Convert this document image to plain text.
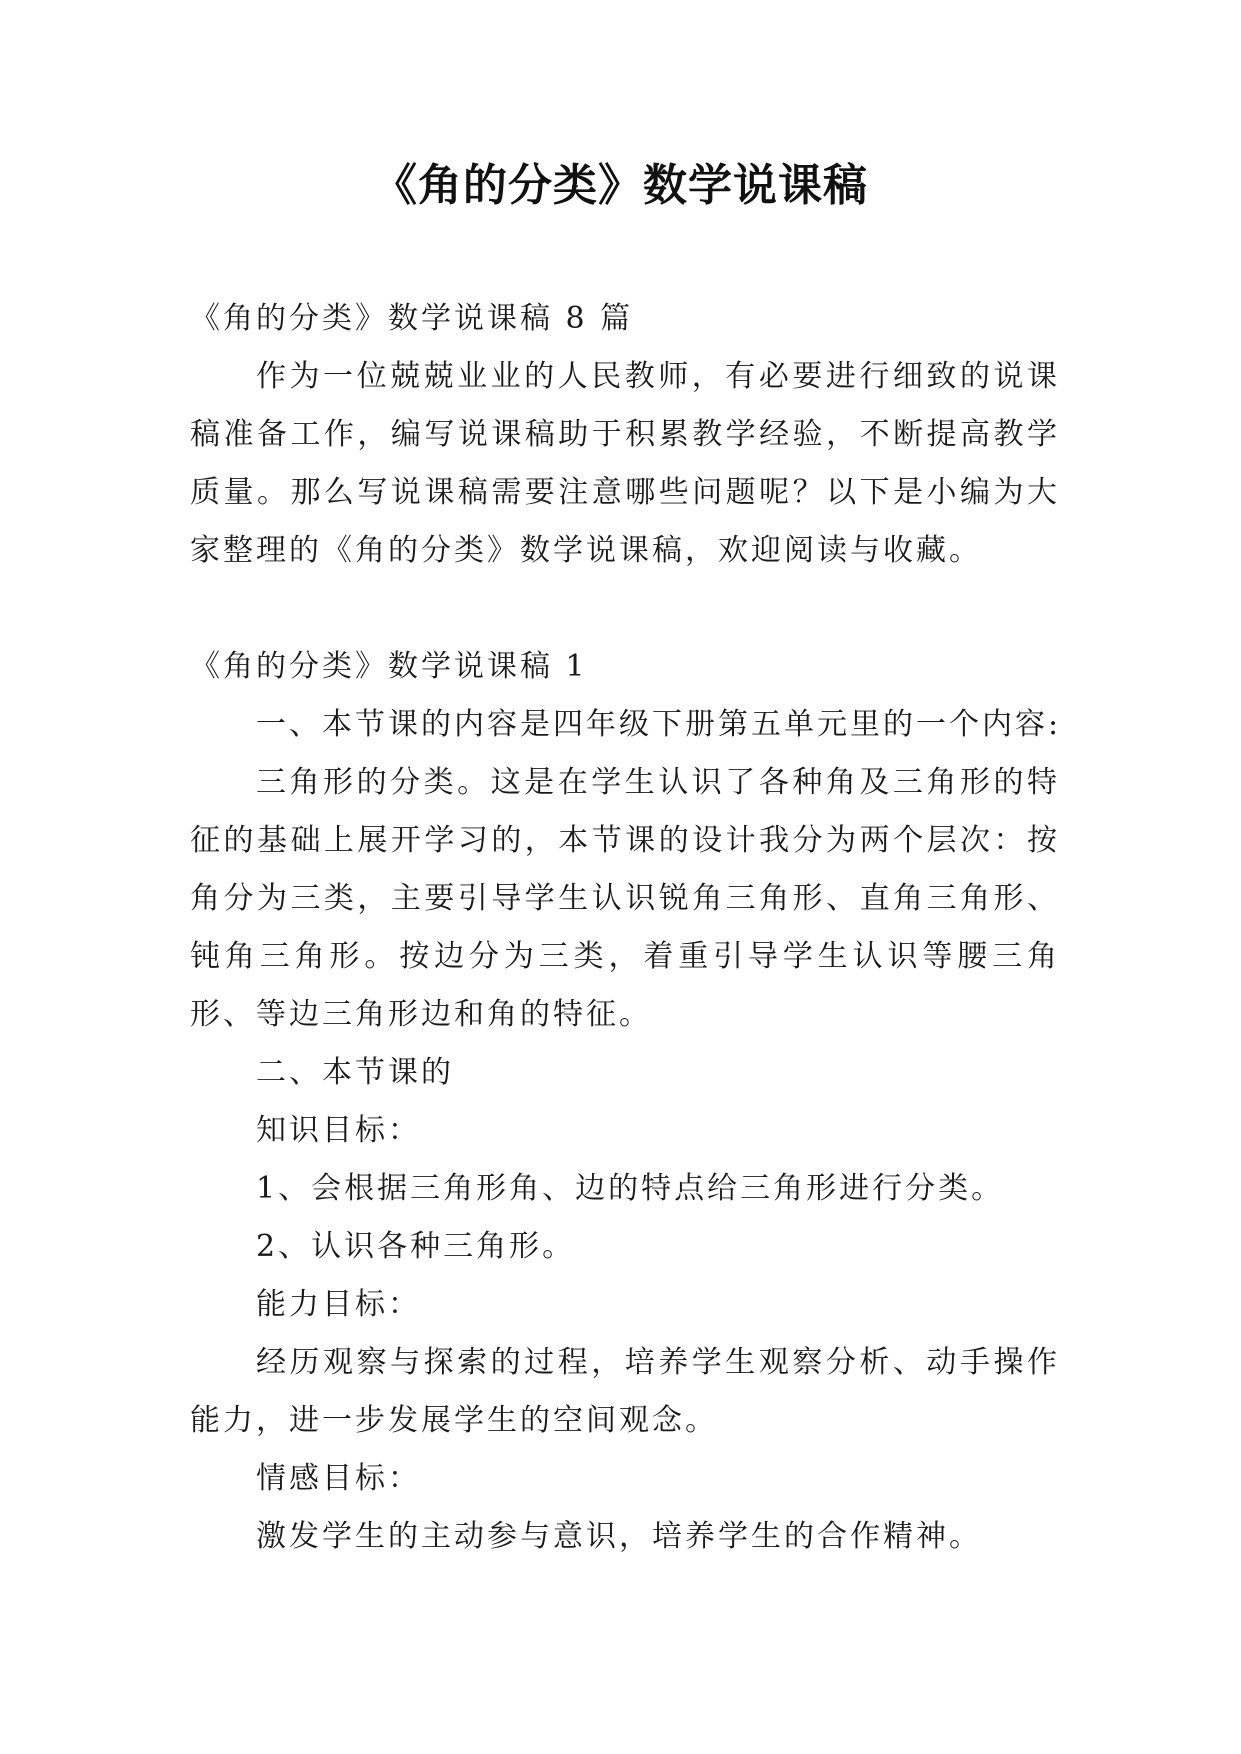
《角的分类》数学说课稿
《角的分类》数学说课稿 8 篇
作为一位兢兢业业的人民教师，有必要进行细致的说课稿准备工作，编写说课稿助于积累教学经验，不断提高教学质量。那么写说课稿需要注意哪些问题呢？以下是小编为大家整理的《角的分类》数学说课稿，欢迎阅读与收藏。
《角的分类》数学说课稿 1
一、本节课的内容是四年级下册第五单元里的一个内容:
三角形的分类。这是在学生认识了各种角及三角形的特征的基础上展开学习的，本节课的设计我分为两个层次：按角分为三类，主要引导学生认识锐角三角形、直角三角形、钝角三角形。按边分为三类，着重引导学生认识等腰三角形、等边三角形边和角的特征。
二、本节课的
知识目标：
1、会根据三角形角、边的特点给三角形进行分类。
2、认识各种三角形。
能力目标：
经历观察与探索的过程，培养学生观察分析、动手操作能力，进一步发展学生的空间观念。
情感目标：
激发学生的主动参与意识，培养学生的合作精神。
